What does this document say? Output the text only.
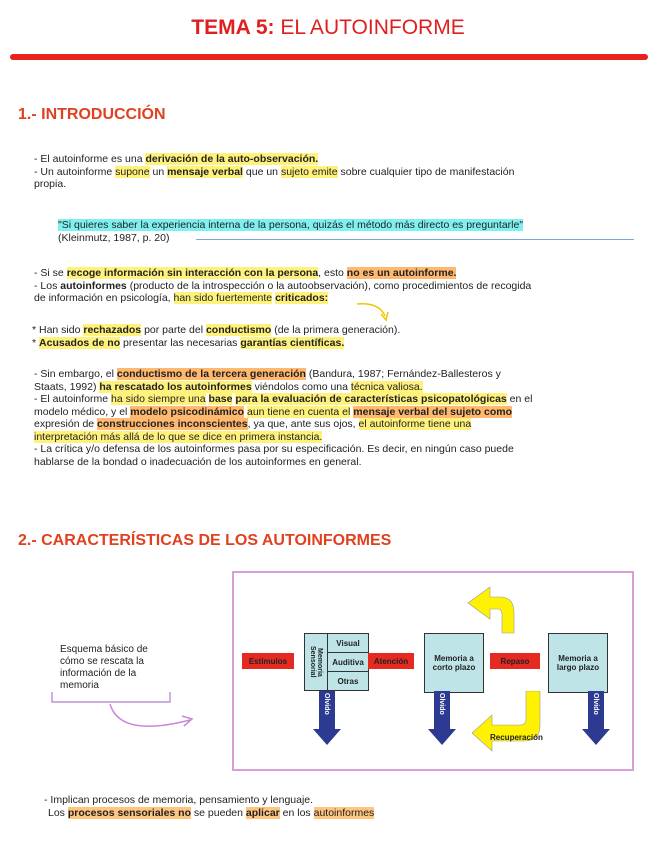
TEMA 5: EL AUTOINFORME
1.- INTRODUCCIÓN
- El autoinforme es una derivación de la auto-observación.
- Un autoinforme supone un mensaje verbal que un sujeto emite sobre cualquier tipo de manifestación
propia.
"Si quieres saber la experiencia interna de la persona, quizás el método más directo es preguntarle"
(Kleinmutz, 1987, p. 20)
- Si se recoge información sin interacción con la persona, esto no es un autoinforme.
- Los autoinformes (producto de la introspección o la autoobservación), como procedimientos de recogida
de información en psicología, han sido fuertemente criticados:
* Han sido rechazados por parte del conductismo (de la primera generación).
* Acusados de no presentar las necesarias garantías científicas.
- Sin embargo, el conductismo de la tercera generación (Bandura, 1987; Fernández-Ballesteros y
Staats, 1992) ha rescatado los autoinformes viéndolos como una técnica valiosa.
- El autoinforme ha sido siempre una base para la evaluación de características psicopatológicas en el
modelo médico, y el modelo psicodinámico aun tiene en cuenta el mensaje verbal del sujeto como
expresión de construcciones inconscientes, ya que, ante sus ojos, el autoinforme tiene una
interpretación más allá de lo que se dice en primera instancia.
- La crítica y/o defensa de los autoinformes pasa por su especificación. Es decir, en ningún caso puede
hablarse de la bondad o inadecuación de los autoinformes en general.
2.- CARACTERÍSTICAS DE LOS AUTOINFORMES
Esquema básico de cómo se rescata la información de la memoria
Estímulos	Memoria Sensorial
Visual
Auditiva
Otras
Atención	Memoria a corto plazo
Repaso	Memoria a largo plazo
Olvido	Olvido	Olvido
Recuperación
- Implican procesos de memoria, pensamiento y lenguaje.
Los procesos sensoriales no se pueden aplicar en los autoinformes
